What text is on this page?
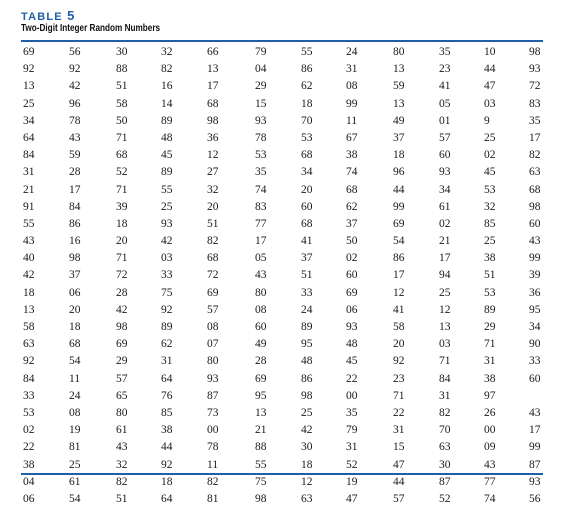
TABLE 5
Two-Digit Integer Random Numbers
69	56	30	32	66	79	55	24	80	35	10	98
92	92	88	82	13	04	86	31	13	23	44	93
13	42	51	16	17	29	62	08	59	41	47	72
25	96	58	14	68	15	18	99	13	05	03	83
34	78	50	89	98	93	70	11	49	01	9	35
64	43	71	48	36	78	53	67	37	57	25	17
84	59	68	45	12	53	68	38	18	60	02	82
31	28	52	89	27	35	34	74	96	93	45	63
21	17	71	55	32	74	20	68	44	34	53	68
91	84	39	25	20	83	60	62	99	61	32	98
55	86	18	93	51	77	68	37	69	02	85	60
43	16	20	42	82	17	41	50	54	21	25	43
40	98	71	03	68	05	37	02	86	17	38	99
42	37	72	33	72	43	51	60	17	94	51	39
18	06	28	75	69	80	33	69	12	25	53	36
13	20	42	92	57	08	24	06	41	12	89	95
58	18	98	89	08	60	89	93	58	13	29	34
63	68	69	62	07	49	95	48	20	03	71	90
92	54	29	31	80	28	48	45	92	71	31	33
84	11	57	64	93	69	86	22	23	84	38	60
33	24	65	76	87	95	98	00	71	31	97
53	08	80	85	73	13	25	35	22	82	26	43
02	19	61	38	00	21	42	79	31	70	00	17
22	81	43	44	78	88	30	31	15	63	09	99
38	25	32	92	11	55	18	52	47	30	43	87
04	61	82	18	82	75	12	19	44	87	77	93
06	54	51	64	81	98	63	47	57	52	74	56
